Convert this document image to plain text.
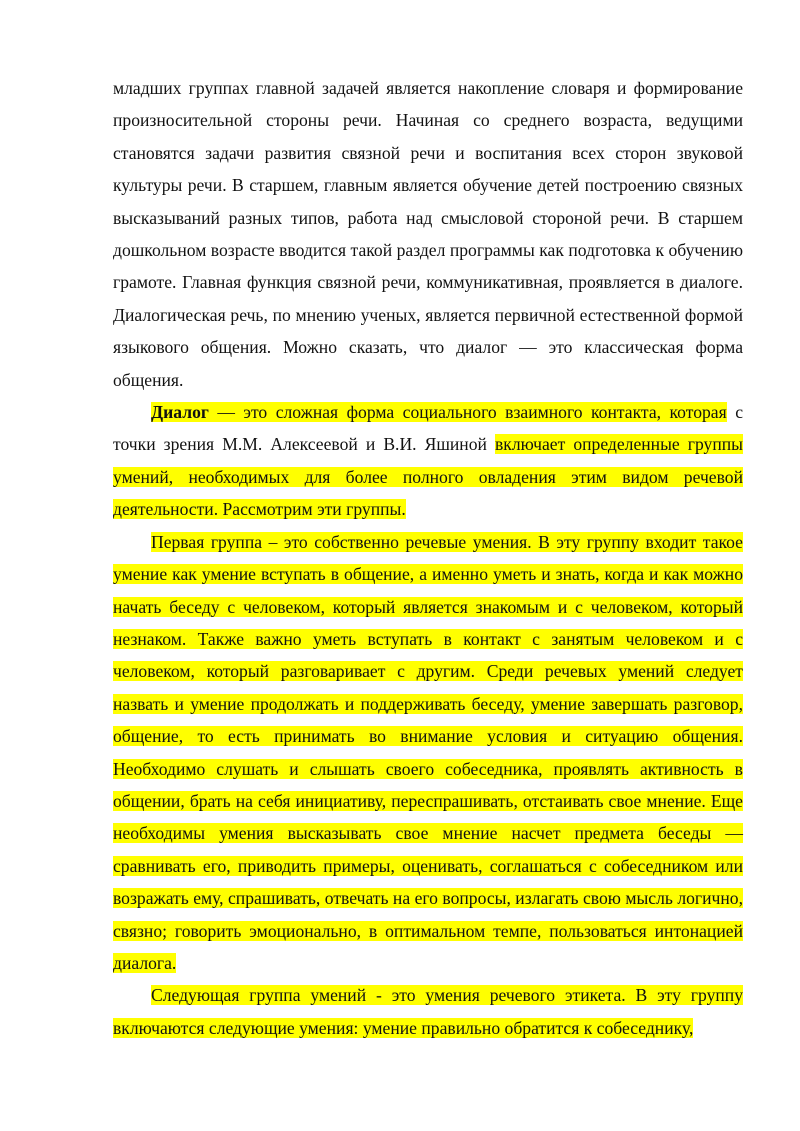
младших группах главной задачей является накопление словаря и формирование произносительной стороны речи. Начиная со среднего возраста, ведущими становятся задачи развития связной речи и воспитания всех сторон звуковой культуры речи. В старшем, главным является обучение детей построению связных высказываний разных типов, работа над смысловой стороной речи. В старшем дошкольном возрасте вводится такой раздел программы как подготовка к обучению грамоте. Главная функция связной речи, коммуникативная, проявляется в диалоге. Диалогическая речь, по мнению ученых, является первичной естественной формой языкового общения. Можно сказать, что диалог — это классическая форма общения.

Диалог — это сложная форма социального взаимного контакта, которая с точки зрения М.М. Алексеевой и В.И. Яшиной включает определенные группы умений, необходимых для более полного овладения этим видом речевой деятельности. Рассмотрим эти группы.

Первая группа – это собственно речевые умения. В эту группу входит такое умение как умение вступать в общение, а именно уметь и знать, когда и как можно начать беседу с человеком, который является знакомым и с человеком, который незнаком. Также важно уметь вступать в контакт с занятым человеком и с человеком, который разговаривает с другим. Среди речевых умений следует назвать и умение продолжать и поддерживать беседу, умение завершать разговор, общение, то есть принимать во внимание условия и ситуацию общения. Необходимо слушать и слышать своего собеседника, проявлять активность в общении, брать на себя инициативу, переспрашивать, отстаивать свое мнение. Еще необходимы умения высказывать свое мнение насчет предмета беседы — сравнивать его, приводить примеры, оценивать, соглашаться с собеседником или возражать ему, спрашивать, отвечать на его вопросы, излагать свою мысль логично, связно; говорить эмоционально, в оптимальном темпе, пользоваться интонацией диалога.

Следующая группа умений - это умения речевого этикета. В эту группу включаются следующие умения: умение правильно обратится к собеседнику,
